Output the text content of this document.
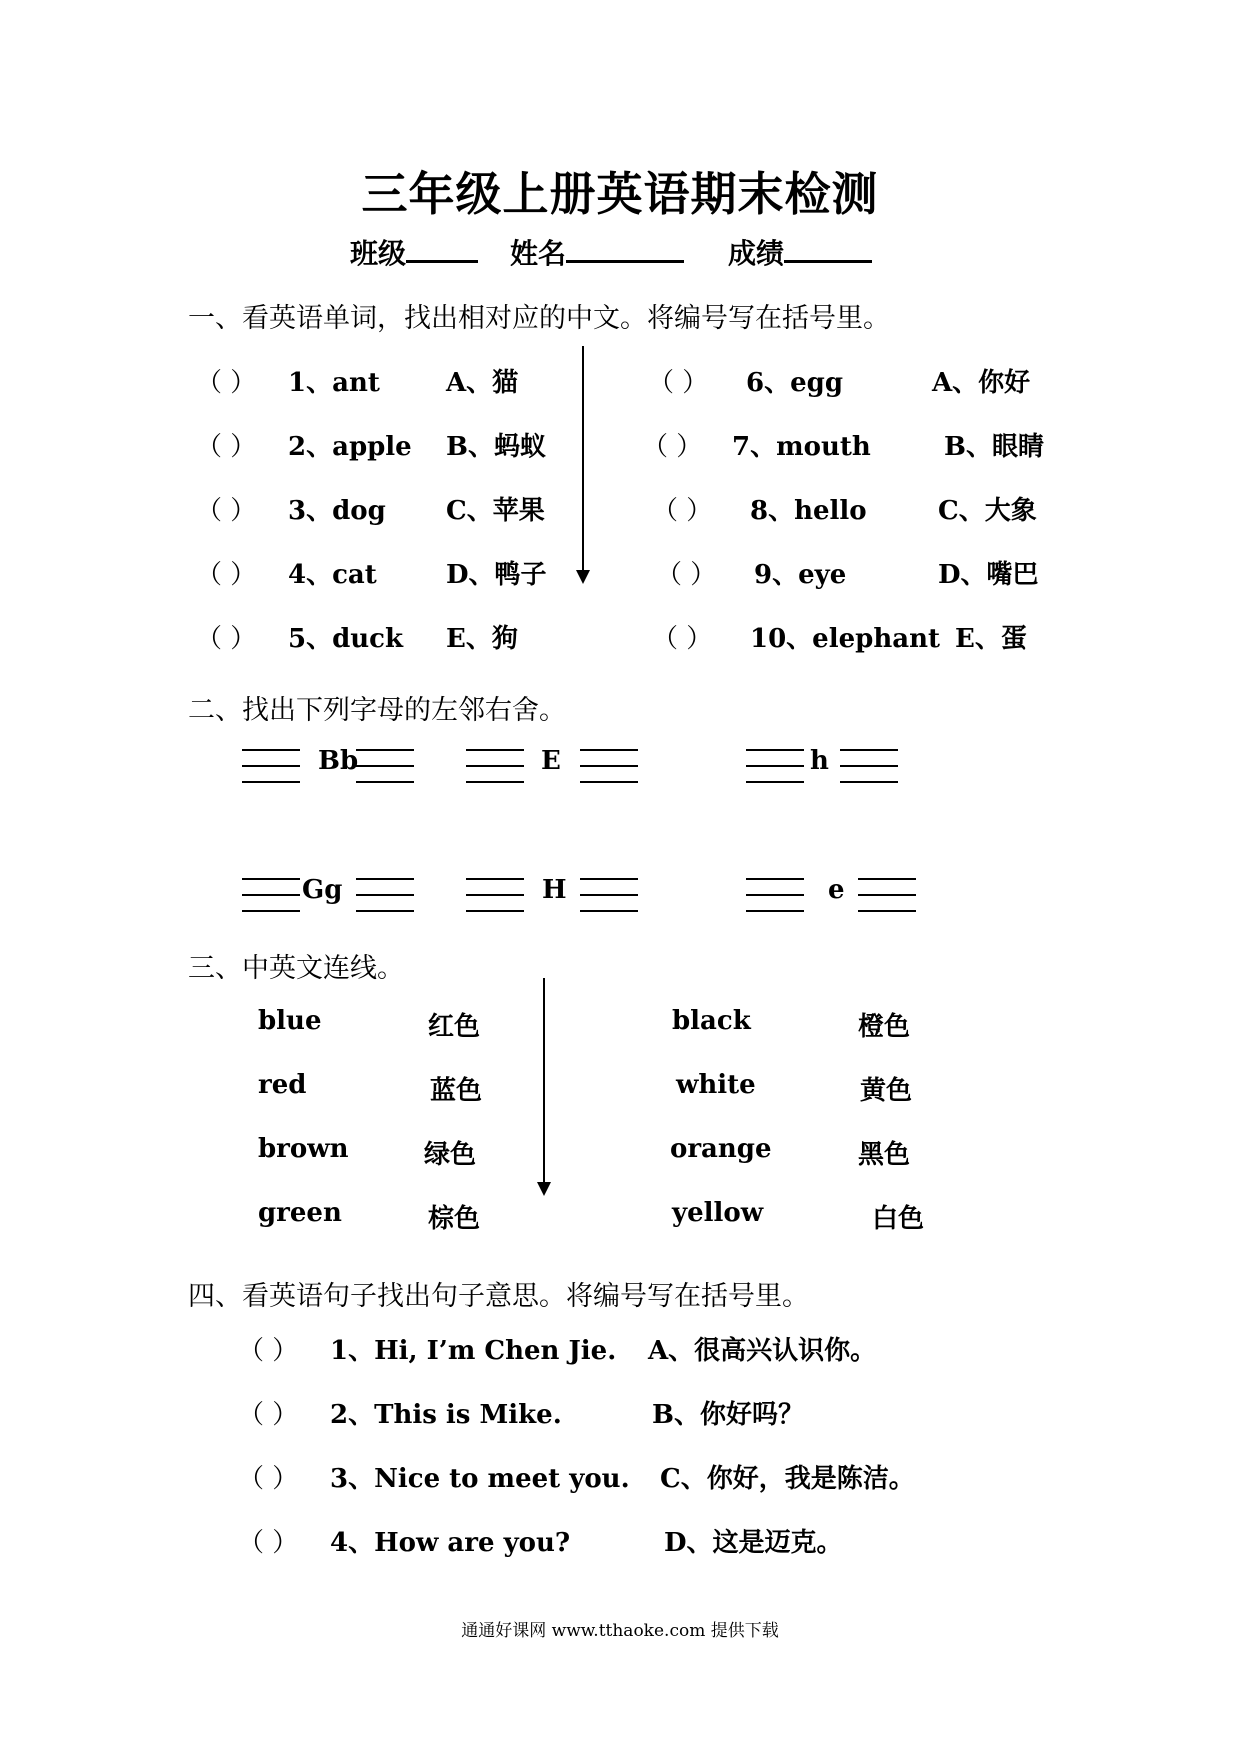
三年级上册英语期末检测
班级	姓名	成绩
一、看英语单词，找出相对应的中文。将编号写在括号里。
（ ） 1、ant	A、猫
（ ） 2、apple B、蚂蚁
（ ） 3、dog C、苹果
（ ） 4、cat	D、鸭子
（ ） 5、duck E、狗
（ ） 6、egg	A、你好
（ ） 7、mouth	B、眼睛
（ ） 8、hello	C、大象
（ ） 9、eye	D、嘴巴
（ ） 10、elephant E、蛋
二、找出下列字母的左邻右舍。
Bb	E	h
Gg	H	e
三、中英文连线。
blue	红色	black	橙色
red	蓝色	white	黄色
brown	绿色	orange	黑色
green	棕色	yellow	白色
四、看英语句子找出句子意思。将编号写在括号里。
（ ） 1、Hi, I’m Chen Jie. A、很高兴认识你。
（ ） 2、This is Mike.	B、你好吗？
（ ） 3、Nice to meet you. C、你好，我是陈洁。
（ ） 4、How are you?	D、这是迈克。
通通好课网 www.tthaoke.com 提供下载
